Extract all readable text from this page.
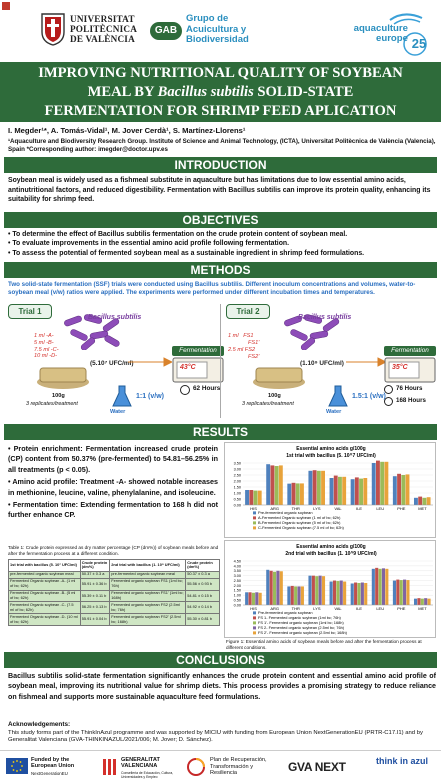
UNIVERSITAT POLITÈCNICA DE VALÈNCIA
GAB
Grupo de Acuicultura y Biodiversidad
aquaculture europe 25
IMPROVING NUTRITIONAL QUALITY OF SOYBEAN
MEAL BY Bacillus subtilis SOLID-STATE
FERMENTATION FOR SHRIMP FEED APLICATION
I. Megder¹*, A. Tomás-Vidal¹, M. Jover Cerdà¹, S. Martínez-Llorens¹
¹Aquaculture and Biodiversity Research Group. Institute of Science and Animal Technology, (ICTA), Universitat Politècnica de València (Valencia), Spain *Corresponding author: imegder@doctor.upv.es
INTRODUCTION
Soybean meal is widely used as a fishmeal substitute in aquaculture but has limitations due to low essential amino acids, antinutritional factors, and reduced digestibility. Fermentation with Bacillus subtilis can improve its protein quality, enhancing its suitability for shrimp feed.
OBJECTIVES
• To determine the effect of Bacillus subtilis fermentation on the crude protein content of soybean meal.
• To evaluate improvements in the essential amino acid profile following fermentation.
• To assess the potential of fermented soybean meal as a sustainable ingredient in shrimp feed formulations.
METHODS
Two solid-state fermentation (SSF) trials were conducted using Bacillus subtilis. Different inoculum concentrations and volumes, water-to-soybean meal (v/w) ratios were applied. The experiments were performed under different incubation times and temperatures.
Trial 1
Bacillus subtilis
1 ml -A-
5 ml -B-
7.5 ml -C-
10 ml -D-
(5.10⁷ UFC/ml)
Fermentation
43°C
62 Hours
100g
3 replicates/treatment
1:1 (v/w)
Water
Trial 2
Bacillus subtilis
1 ml FS1
FS1'
2.5 ml FS2
FS2'
(1.10⁹ UFC/ml)
Fermentation
35°C
76 Hours
168 Hours
100g
3 replicates/treatment
1.5:1 (v/w)
Water
RESULTS
• Protein enrichment: Fermentation increased crude protein (CP) content from 50.37% (pre-fermented) to 54.81–56.25% in all treatments (p < 0.05).
• Amino acid profile: Treatment -A- showed notable increases in methionine, leucine, valine, phenylalanine, and isoleucine.
• Fermentation time: Extending fermentation to 168 h did not further enhance CP.
Table 1: Crude protein expressed as dry matter percentage (CP (dm%)) of soybean meals before and after the fermentation process at a different condition.
1st trial with bacillus (5. 10⁷ UFC/ml)	Crude protein (dm%)	2nd trial with bacillus (1. 10⁹ UFC/ml)	Crude protein (dm%)
pre-fermented organic soybean meal	50.37 ± 0.3 a	pre-fermented organic soybean meal	50.37 ± 0.3 a
Fermented Organic soybean -A- (1 ml of bc; 62h)	55.91 ± 0.36 b	Fermented organic soybean FS1 (1ml bc; 76h)	55.56 ± 0.93 b
Fermented Organic soybean -B- (5 ml of bc; 62h)	55.39 ± 0.11 b	Fermented organic soybean FS1' (1ml bc; 168h)	54.81 ± 0.15 b
Fermented Organic soybean -C- (7.5 ml of bc; 62h)	56.25 ± 0.13 b	Fermented organic soybean FS2 (2.5ml bc; 76h)	54.92 ± 0.14 b
Fermented Organic soybean -D- (10 ml of bc; 62h)	55.91 ± 0.04 b	Fermented organic soybean FS2' (2.5ml bc; 168h)	55.30 ± 0.81 b
Essential amino acids g/100g
1st trial with bacillus (5. 10^7 UFC/ml)
0.00
0.50
1.00
1.50
2.00
2.50
3.00
3.50
HIS	ARG	THR	LYS	VAL	ILE	LEU	PHE	MET
Pre-fermented organic soybean
A-Fermented Organic soybean (1 ml of bc; 62h)
B-Fermented Organic soybean (5 ml of bc; 62h)
C-Fermented Organic soybean (7.5 ml of bc; 62h)
Essential amino acids g/100g
2nd trial with bacillus (1. 10^9 UFC/ml)
0.00
0.50
1.00
1.50
2.00
2.50
3.00
3.50
4.00
4.50
HIS	ARG	THR	LYS	VAL	ILE	LEU	PHE	MET
Pre-fermented organic soybean
FS 1- Fermented organic soybean (1ml bc; 76h)
FS 1'- Fermented organic soybean (1ml bc; 168h)
FS 2- Fermented organic soybean (2.5ml bc; 76h)
FS 2'- Fermented organic soybean (2.5ml bc; 168h)
Figure 1: Essential amino acids of soybean meals before and after the fermentation process at different conditions.
CONCLUSIONS
Bacillus subtilis solid-state fermentation significantly enhances the crude protein content and essential amino acid profile of soybean meal, improving its nutritional value for shrimp diets. This process provides a promising strategy to reduce reliance on fishmeal and supports more sustainable aquaculture feed formulations.
Acknowledgements:
This study forms part of the ThinkInAzul programme and was supported by MICIU with funding from European Union NextGenerationEU (PRTR-C17.I1) and by Generalitat Valenciana (GVA-THINKINAZUL/2021/006; M. Jover; D. Sánchez).
Funded by the European Union
NextGenerationEU
GENERALITAT VALENCIANA
Conselleria de Educación, Cultura, Universidades y Empleo
Plan de Recuperación, Transformación y Resiliencia	GVA NEXT	think in azul
